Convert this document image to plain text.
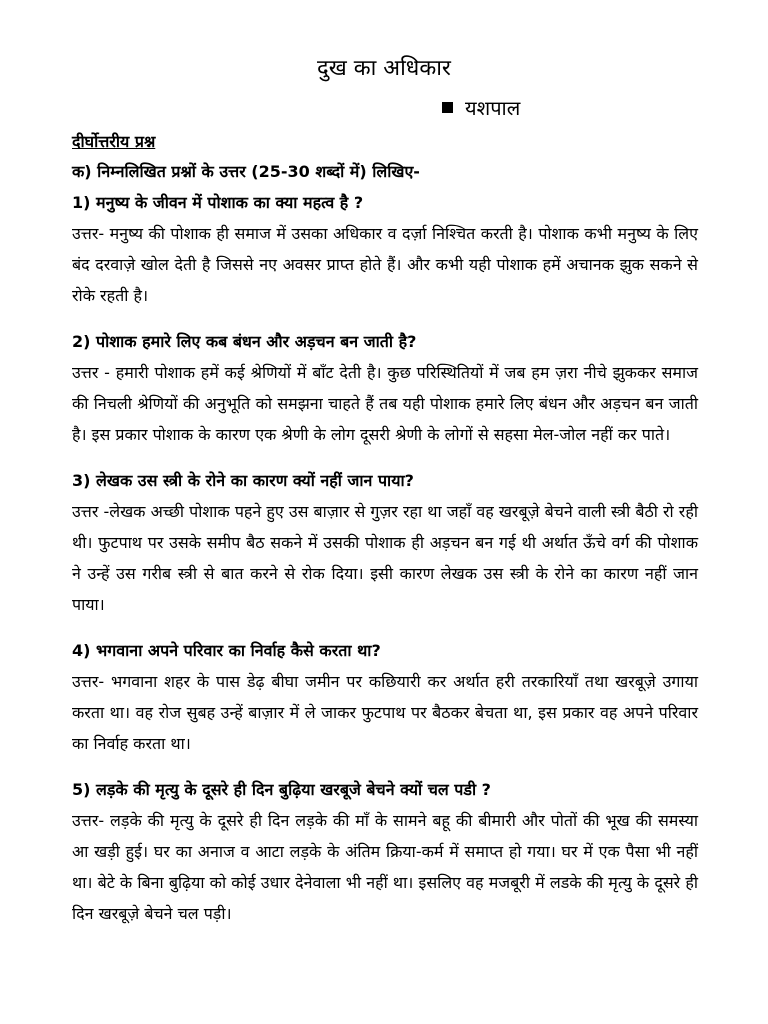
दुख का अधिकार
यशपाल

दीर्घोत्तरीय प्रश्न

क) निम्नलिखित प्रश्नों के उत्तर (25-30 शब्दों में) लिखिए-

1) मनुष्य के जीवन में पोशाक का क्या महत्व है ?

उत्तर- मनुष्य की पोशाक ही समाज में उसका अधिकार व दर्ज़ा निश्चित करती है। पोशाक कभी मनुष्य के लिए बंद दरवाज़े खोल देती है जिससे नए अवसर प्राप्त होते हैं। और कभी यही पोशाक हमें अचानक झुक सकने से रोके रहती है।

2) पोशाक हमारे लिए कब बंधन और अड़चन बन जाती है?

उत्तर - हमारी पोशाक हमें कई श्रेणियों में बाँट देती है। कुछ परिस्थितियों में जब हम ज़रा नीचे झुककर समाज की निचली श्रेणियों की अनुभूति को समझना चाहते हैं तब यही पोशाक हमारे लिए बंधन और अड़चन बन जाती है। इस प्रकार पोशाक के कारण एक श्रेणी के लोग दूसरी श्रेणी के लोगों से सहसा मेल-जोल नहीं कर पाते।

3) लेखक उस स्त्री के रोने का कारण क्यों नहीं जान पाया?

उत्तर -लेखक अच्छी पोशाक पहने हुए उस बाज़ार से गुज़र रहा था जहाँ वह खरबूज़े बेचने वाली स्त्री बैठी रो रही थी। फुटपाथ पर उसके समीप बैठ सकने में उसकी पोशाक ही अड़चन बन गई थी अर्थात ऊँचे वर्ग की पोशाक ने उन्हें उस गरीब स्त्री से बात करने से रोक दिया। इसी कारण लेखक उस स्त्री के रोने का कारण नहीं जान पाया।

4) भगवाना अपने परिवार का निर्वाह कैसे करता था?

उत्तर- भगवाना शहर के पास डेढ़ बीघा जमीन पर कछियारी कर अर्थात हरी तरकारियाँ तथा खरबूज़े उगाया करता था। वह रोज सुबह उन्हें बाज़ार में ले जाकर फुटपाथ पर बैठकर बेचता था, इस प्रकार वह अपने परिवार का निर्वाह करता था।

5) लड़के की मृत्यु के दूसरे ही दिन बुढ़िया खरबूजे बेचने क्यों चल पडी ?

उत्तर- लड़के की मृत्यु के दूसरे ही दिन लड़के की माँ के सामने बहू की बीमारी और पोतों की भूख की समस्या आ खड़ी हुई। घर का अनाज व आटा लड़के के अंतिम क्रिया-कर्म में समाप्त हो गया। घर में एक पैसा भी नहीं था। बेटे के बिना बुढ़िया को कोई उधार देनेवाला भी नहीं था। इसलिए वह मजबूरी में लडके की मृत्यु के दूसरे ही दिन खरबूज़े बेचने चल पड़ी।
